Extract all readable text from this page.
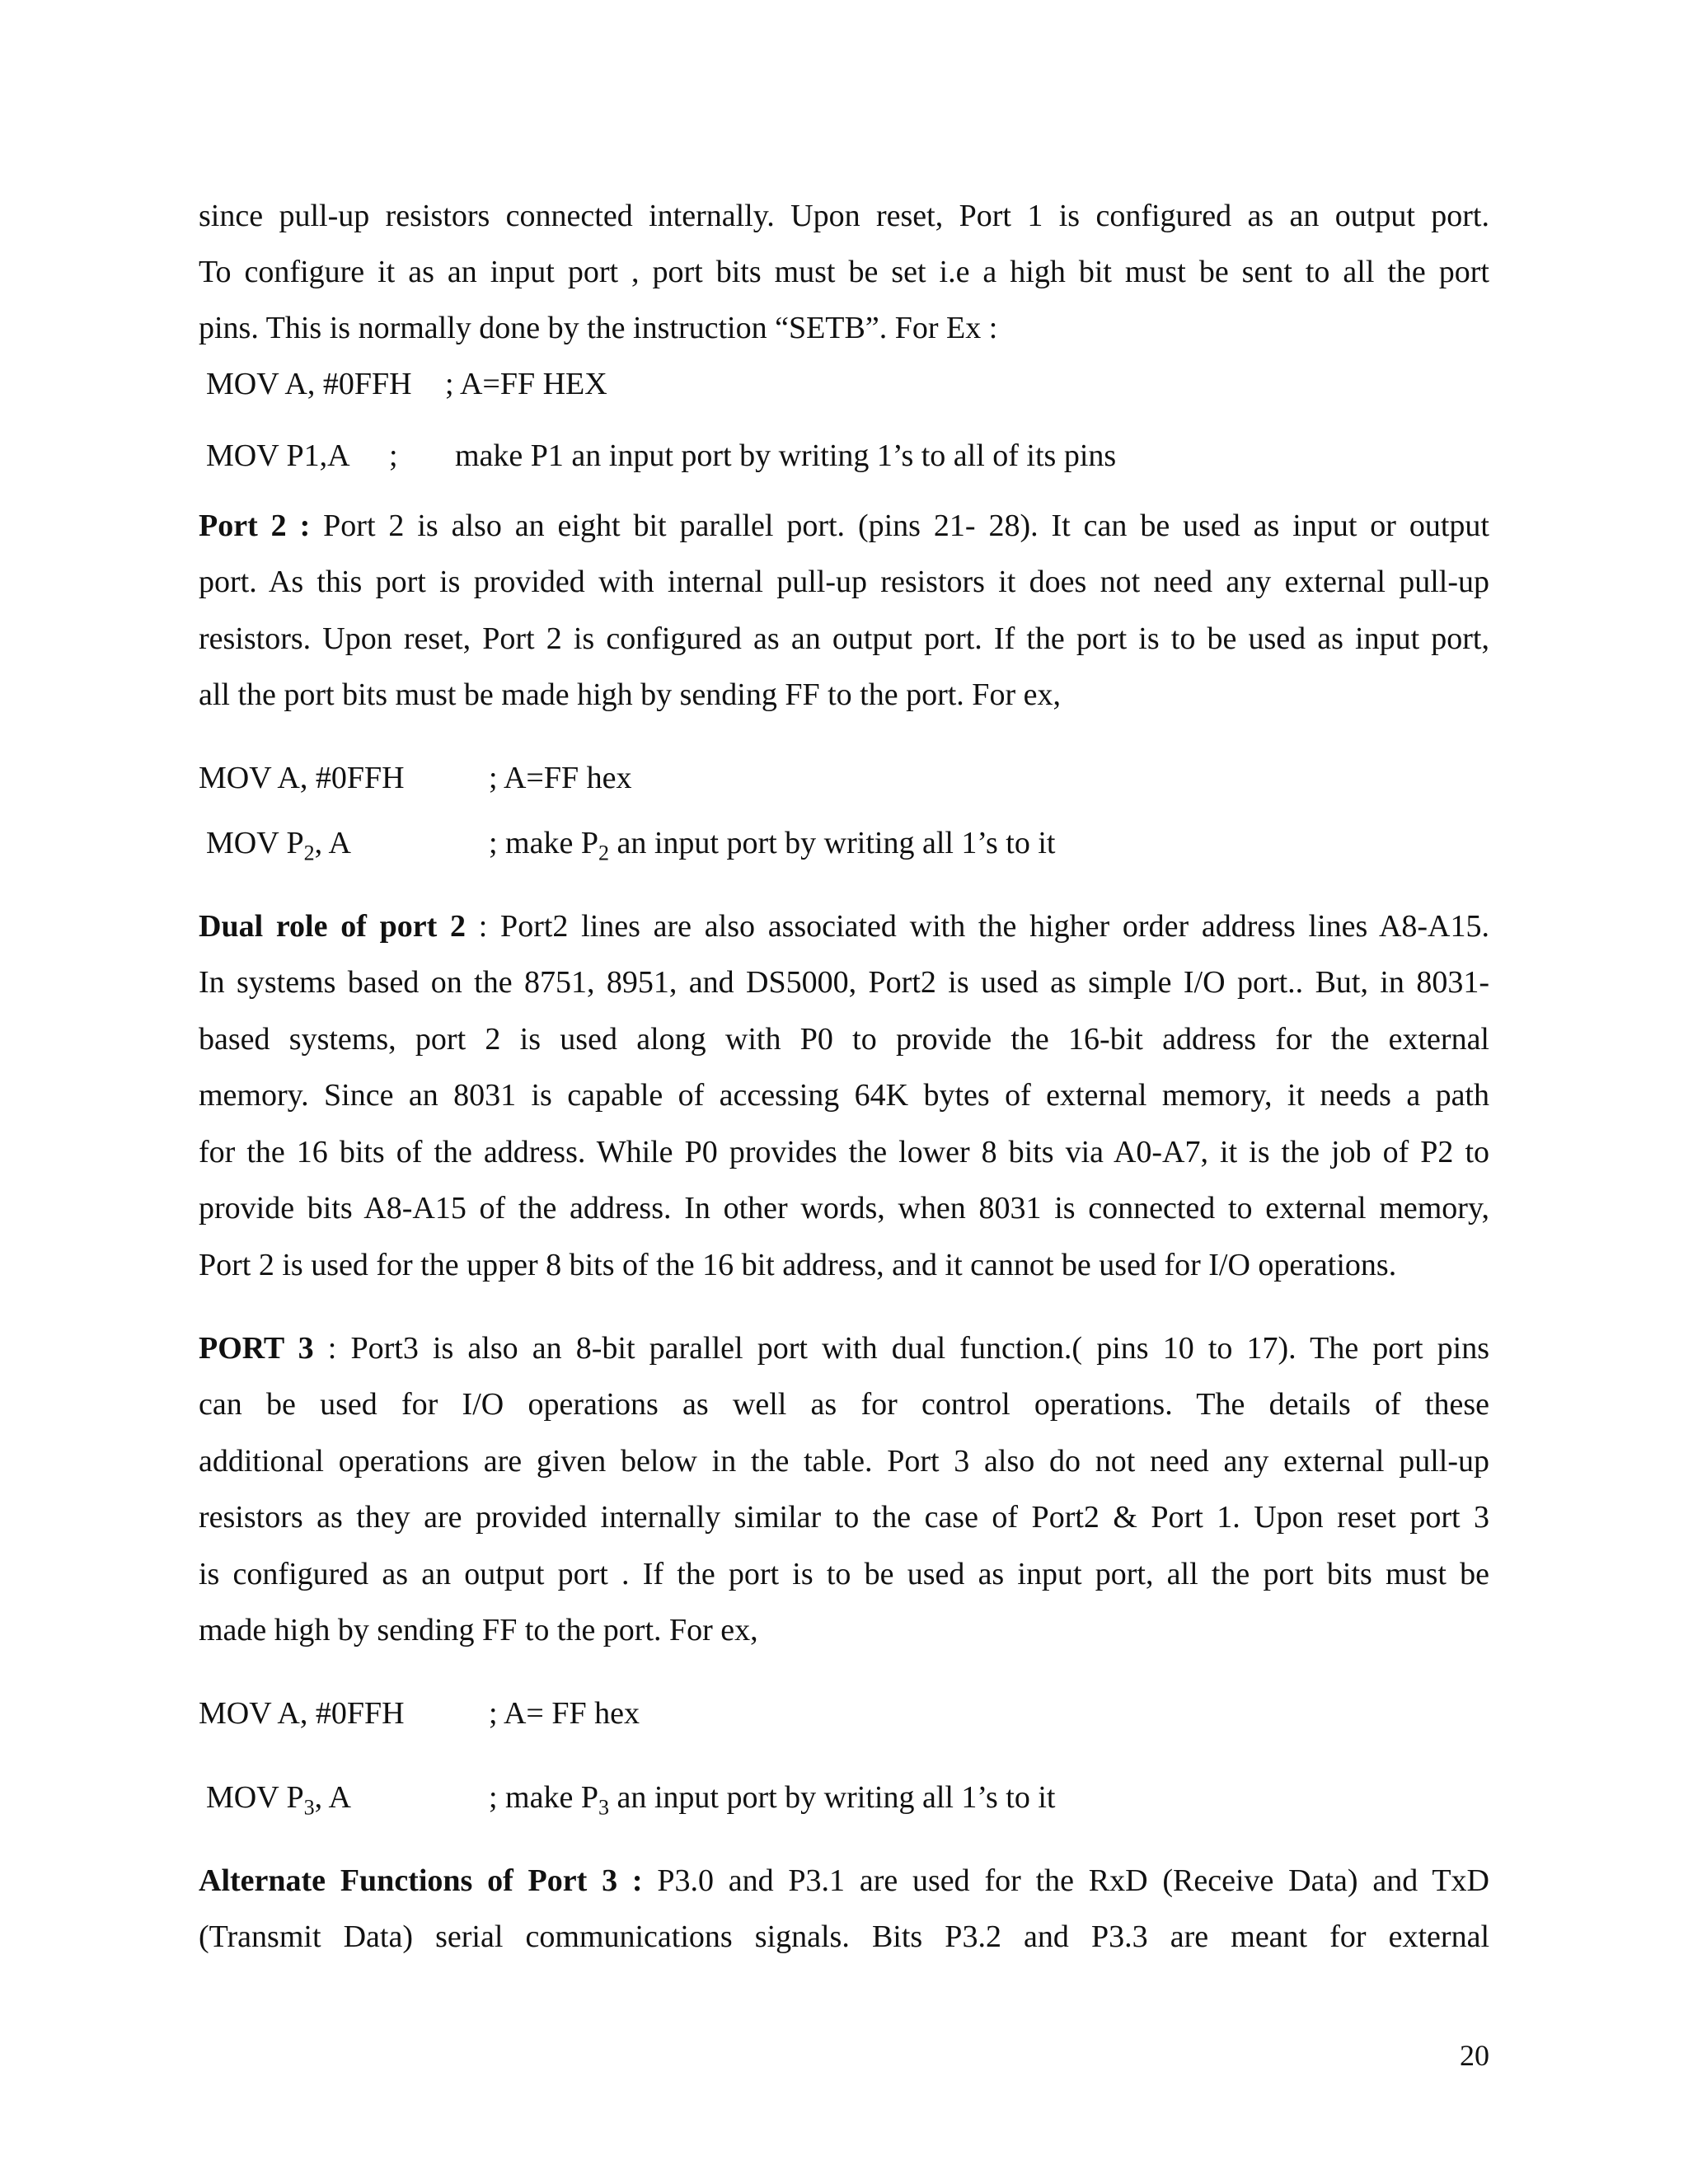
since pull-up resistors connected internally. Upon reset, Port 1 is configured as an output port.
To configure it as an input port , port bits must be set i.e a high bit must be sent to all the port
pins. This is normally done by the instruction “SETB”. For Ex :
MOV A, #0FFH ; A=FF HEX
MOV P1,A ; make P1 an input port by writing 1’s to all of its pins
Port 2 : Port 2 is also an eight bit parallel port. (pins 21- 28). It can be used as input or output
port. As this port is provided with internal pull-up resistors it does not need any external pull-up
resistors. Upon reset, Port 2 is configured as an output port. If the port is to be used as input port,
all the port bits must be made high by sending FF to the port. For ex,
MOV A, #0FFH	; A=FF hex
MOV $P_2$, A	; make $P_2$ an input port by writing all 1’s to it
Dual role of port 2 : Port2 lines are also associated with the higher order address lines A8-A15.
In systems based on the 8751, 8951, and DS5000, Port2 is used as simple I/O port.. But, in 8031-
based systems, port 2 is used along with P0 to provide the 16-bit address for the external
memory. Since an 8031 is capable of accessing 64K bytes of external memory, it needs a path
for the 16 bits of the address. While P0 provides the lower 8 bits via A0-A7, it is the job of P2 to
provide bits A8-A15 of the address. In other words, when 8031 is connected to external memory,
Port 2 is used for the upper 8 bits of the 16 bit address, and it cannot be used for I/O operations.
PORT 3 : Port3 is also an 8-bit parallel port with dual function.( pins 10 to 17). The port pins
can be used for I/O operations as well as for control operations. The details of these
additional operations are given below in the table. Port 3 also do not need any external pull-up
resistors as they are provided internally similar to the case of Port2 & Port 1. Upon reset port 3
is configured as an output port . If the port is to be used as input port, all the port bits must be
made high by sending FF to the port. For ex,
MOV A, #0FFH	; A= FF hex
MOV $P_3$, A	; make $P_3$ an input port by writing all 1’s to it
Alternate Functions of Port 3 : P3.0 and P3.1 are used for the RxD (Receive Data) and TxD
(Transmit Data) serial communications signals. Bits P3.2 and P3.3 are meant for external
20
